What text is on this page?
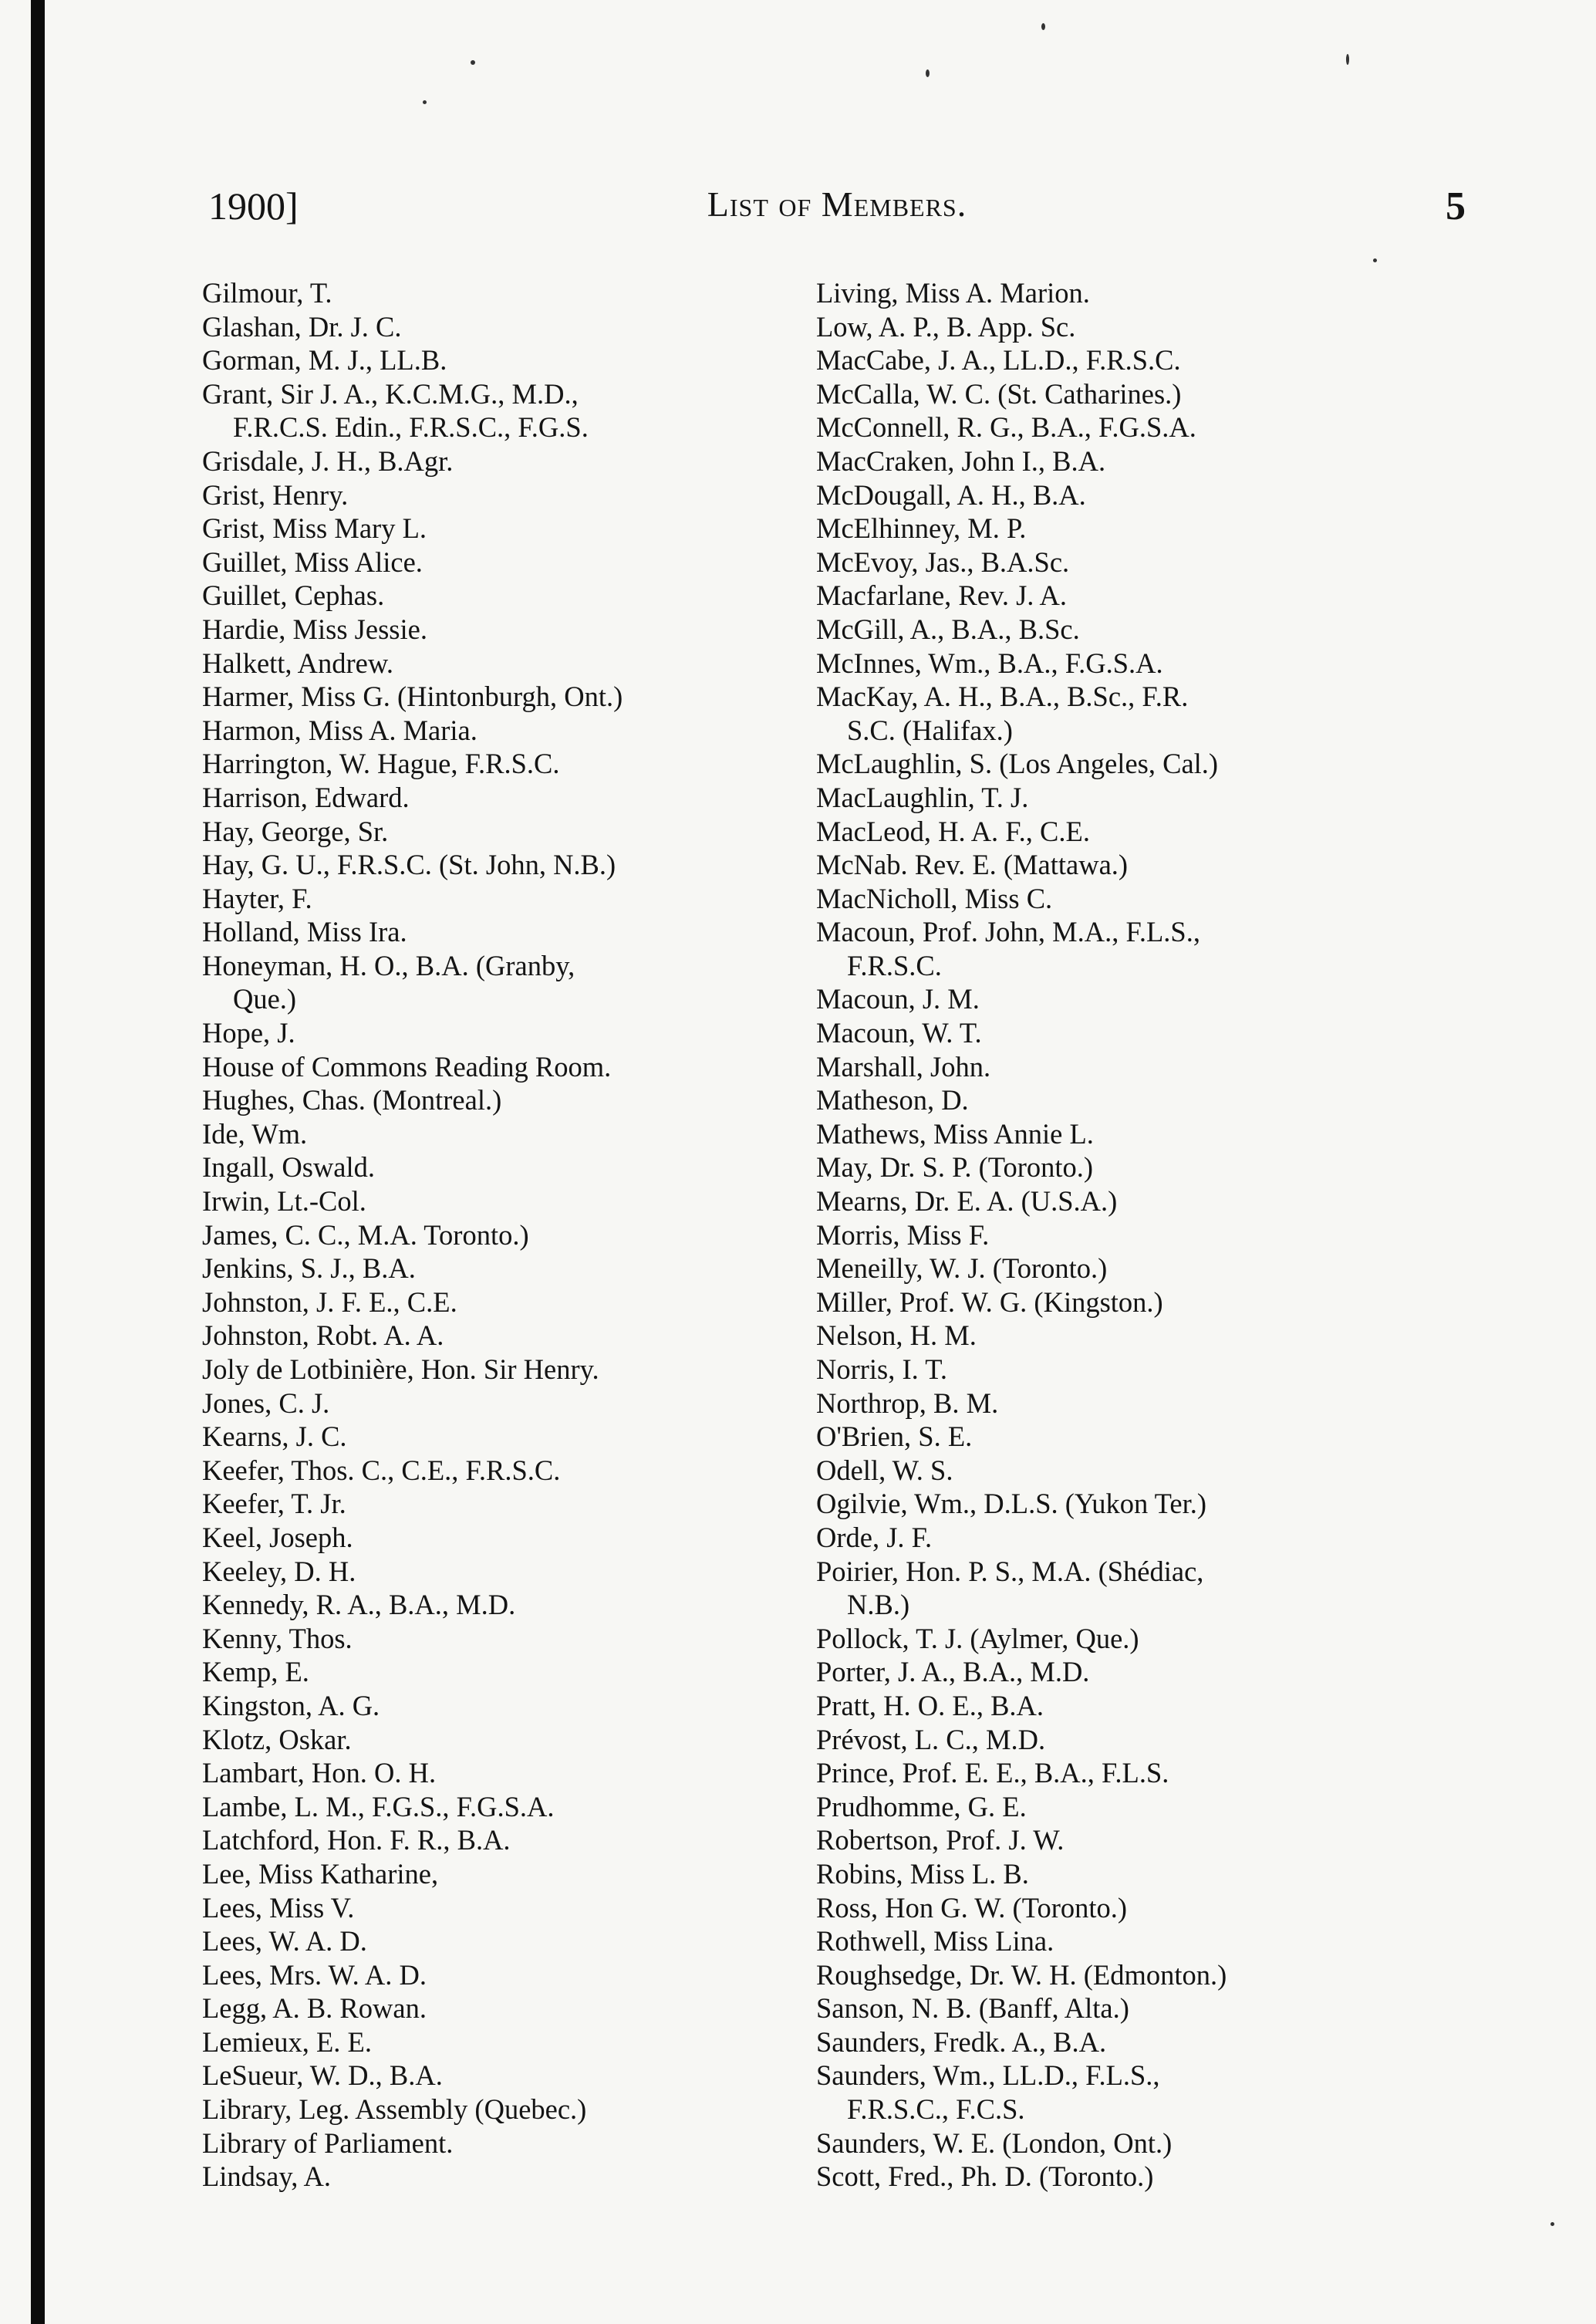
1900]	List of Members.	5
Gilmour, T.
Glashan, Dr. J. C.
Gorman, M. J., LL.B.
Grant, Sir J. A., K.C.M.G., M.D.,
F.R.C.S. Edin., F.R.S.C., F.G.S.
Grisdale, J. H., B.Agr.
Grist, Henry.
Grist, Miss Mary L.
Guillet, Miss Alice.
Guillet, Cephas.
Hardie, Miss Jessie.
Halkett, Andrew.
Harmer, Miss G. (Hintonburgh, Ont.)
Harmon, Miss A. Maria.
Harrington, W. Hague, F.R.S.C.
Harrison, Edward.
Hay, George, Sr.
Hay, G. U., F.R.S.C. (St. John, N.B.)
Hayter, F.
Holland, Miss Ira.
Honeyman, H. O., B.A. (Granby,
Que.)
Hope, J.
House of Commons Reading Room.
Hughes, Chas. (Montreal.)
Ide, Wm.
Ingall, Oswald.
Irwin, Lt.-Col.
James, C. C., M.A. Toronto.)
Jenkins, S. J., B.A.
Johnston, J. F. E., C.E.
Johnston, Robt. A. A.
Joly de Lotbinière, Hon. Sir Henry.
Jones, C. J.
Kearns, J. C.
Keefer, Thos. C., C.E., F.R.S.C.
Keefer, T. Jr.
Keel, Joseph.
Keeley, D. H.
Kennedy, R. A., B.A., M.D.
Kenny, Thos.
Kemp, E.
Kingston, A. G.
Klotz, Oskar.
Lambart, Hon. O. H.
Lambe, L. M., F.G.S., F.G.S.A.
Latchford, Hon. F. R., B.A.
Lee, Miss Katharine,
Lees, Miss V.
Lees, W. A. D.
Lees, Mrs. W. A. D.
Legg, A. B. Rowan.
Lemieux, E. E.
LeSueur, W. D., B.A.
Library, Leg. Assembly (Quebec.)
Library of Parliament.
Lindsay, A.
Living, Miss A. Marion.
Low, A. P., B. App. Sc.
MacCabe, J. A., LL.D., F.R.S.C.
McCalla, W. C. (St. Catharines.)
McConnell, R. G., B.A., F.G.S.A.
MacCraken, John I., B.A.
McDougall, A. H., B.A.
McElhinney, M. P.
McEvoy, Jas., B.A.Sc.
Macfarlane, Rev. J. A.
McGill, A., B.A., B.Sc.
McInnes, Wm., B.A., F.G.S.A.
MacKay, A. H., B.A., B.Sc., F.R.
S.C. (Halifax.)
McLaughlin, S. (Los Angeles, Cal.)
MacLaughlin, T. J.
MacLeod, H. A. F., C.E.
McNab. Rev. E. (Mattawa.)
MacNicholl, Miss C.
Macoun, Prof. John, M.A., F.L.S.,
F.R.S.C.
Macoun, J. M.
Macoun, W. T.
Marshall, John.
Matheson, D.
Mathews, Miss Annie L.
May, Dr. S. P. (Toronto.)
Mearns, Dr. E. A. (U.S.A.)
Morris, Miss F.
Meneilly, W. J. (Toronto.)
Miller, Prof. W. G. (Kingston.)
Nelson, H. M.
Norris, I. T.
Northrop, B. M.
O'Brien, S. E.
Odell, W. S.
Ogilvie, Wm., D.L.S. (Yukon Ter.)
Orde, J. F.
Poirier, Hon. P. S., M.A. (Shédiac,
N.B.)
Pollock, T. J. (Aylmer, Que.)
Porter, J. A., B.A., M.D.
Pratt, H. O. E., B.A.
Prévost, L. C., M.D.
Prince, Prof. E. E., B.A., F.L.S.
Prudhomme, G. E.
Robertson, Prof. J. W.
Robins, Miss L. B.
Ross, Hon G. W. (Toronto.)
Rothwell, Miss Lina.
Roughsedge, Dr. W. H. (Edmonton.)
Sanson, N. B. (Banff, Alta.)
Saunders, Fredk. A., B.A.
Saunders, Wm., LL.D., F.L.S.,
F.R.S.C., F.C.S.
Saunders, W. E. (London, Ont.)
Scott, Fred., Ph. D. (Toronto.)
